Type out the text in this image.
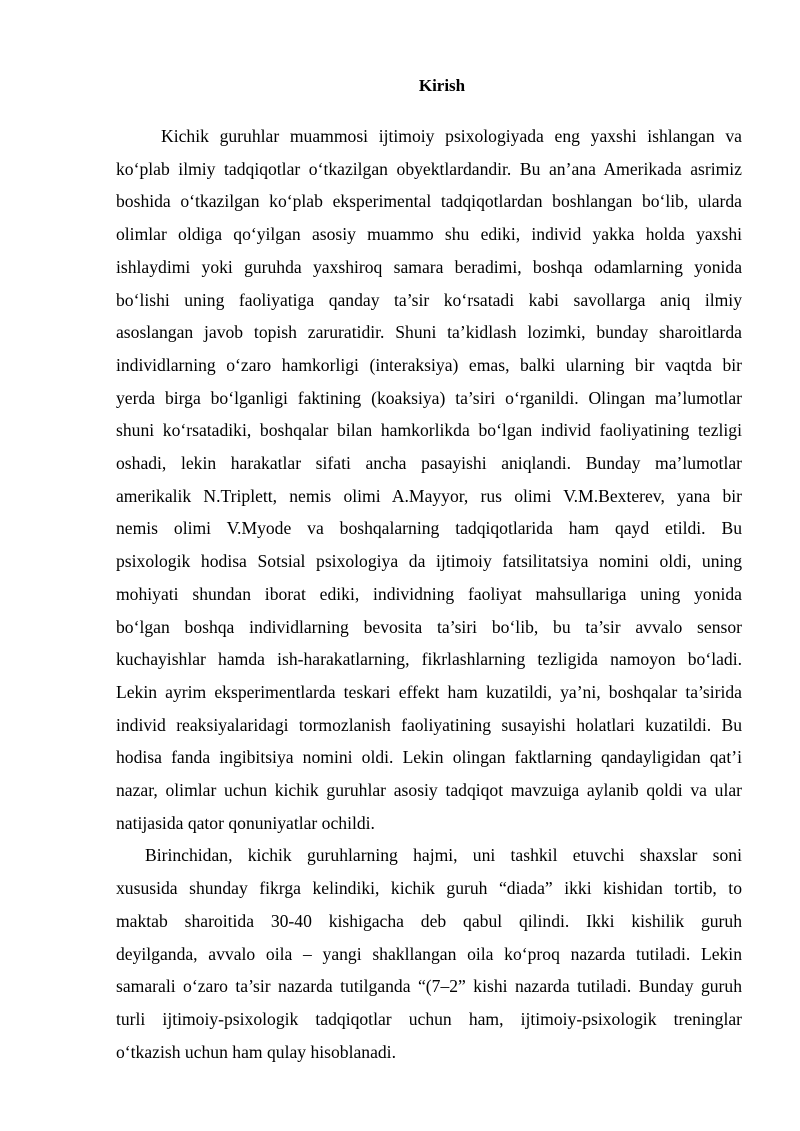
Kirish
Kichik guruhlar muammosi ijtimoiy psixologiyada eng yaxshi ishlangan va
ko‘plab ilmiy tadqiqotlar o‘tkazilgan obyektlardandir. Bu an’ana Amerikada asrimiz
boshida o‘tkazilgan ko‘plab eksperimental tadqiqotlardan boshlangan bo‘lib, ularda
olimlar oldiga qo‘yilgan asosiy muammo shu ediki, individ yakka holda yaxshi
ishlaydimi yoki guruhda yaxshiroq samara beradimi, boshqa odamlarning yonida
bo‘lishi uning faoliyatiga qanday ta’sir ko‘rsatadi kabi savollarga aniq ilmiy
asoslangan javob topish zaruratidir. Shuni ta’kidlash lozimki, bunday sharoitlarda
individlarning o‘zaro hamkorligi (interaksiya) emas, balki ularning bir vaqtda bir
yerda birga bo‘lganligi faktining (koaksiya) ta’siri o‘rganildi. Olingan ma’lumotlar
shuni ko‘rsatadiki, boshqalar bilan hamkorlikda bo‘lgan individ faoliyatining tezligi
oshadi, lekin harakatlar sifati ancha pasayishi aniqlandi. Bunday ma’lumotlar
amerikalik N.Triplett, nemis olimi A.Mayyor, rus olimi V.M.Bexterev, yana bir
nemis olimi V.Myode va boshqalarning tadqiqotlarida ham qayd etildi. Bu
psixologik hodisa Sotsial psixologiya da ijtimoiy fatsilitatsiya nomini oldi, uning
mohiyati shundan iborat ediki, individning faoliyat mahsullariga uning yonida
bo‘lgan boshqa individlarning bevosita ta’siri bo‘lib, bu ta’sir avvalo sensor
kuchayishlar hamda ish-harakatlarning, fikrlashlarning tezligida namoyon bo‘ladi.
Lekin ayrim eksperimentlarda teskari effekt ham kuzatildi, ya’ni, boshqalar ta’sirida
individ reaksiyalaridagi tormozlanish faoliyatining susayishi holatlari kuzatildi. Bu
hodisa fanda ingibitsiya nomini oldi. Lekin olingan faktlarning qandayligidan qat’i
nazar, olimlar uchun kichik guruhlar asosiy tadqiqot mavzuiga aylanib qoldi va ular
natijasida qator qonuniyatlar ochildi.
Birinchidan, kichik guruhlarning hajmi, uni tashkil etuvchi shaxslar soni
xususida shunday fikrga kelindiki, kichik guruh “diada” ikki kishidan tortib, to
maktab sharoitida 30-40 kishigacha deb qabul qilindi. Ikki kishilik guruh
deyilganda, avvalo oila – yangi shakllangan oila ko‘proq nazarda tutiladi. Lekin
samarali o‘zaro ta’sir nazarda tutilganda “(7–2” kishi nazarda tutiladi. Bunday guruh
turli ijtimoiy-psixologik tadqiqotlar uchun ham, ijtimoiy-psixologik treninglar
o‘tkazish uchun ham qulay hisoblanadi.
